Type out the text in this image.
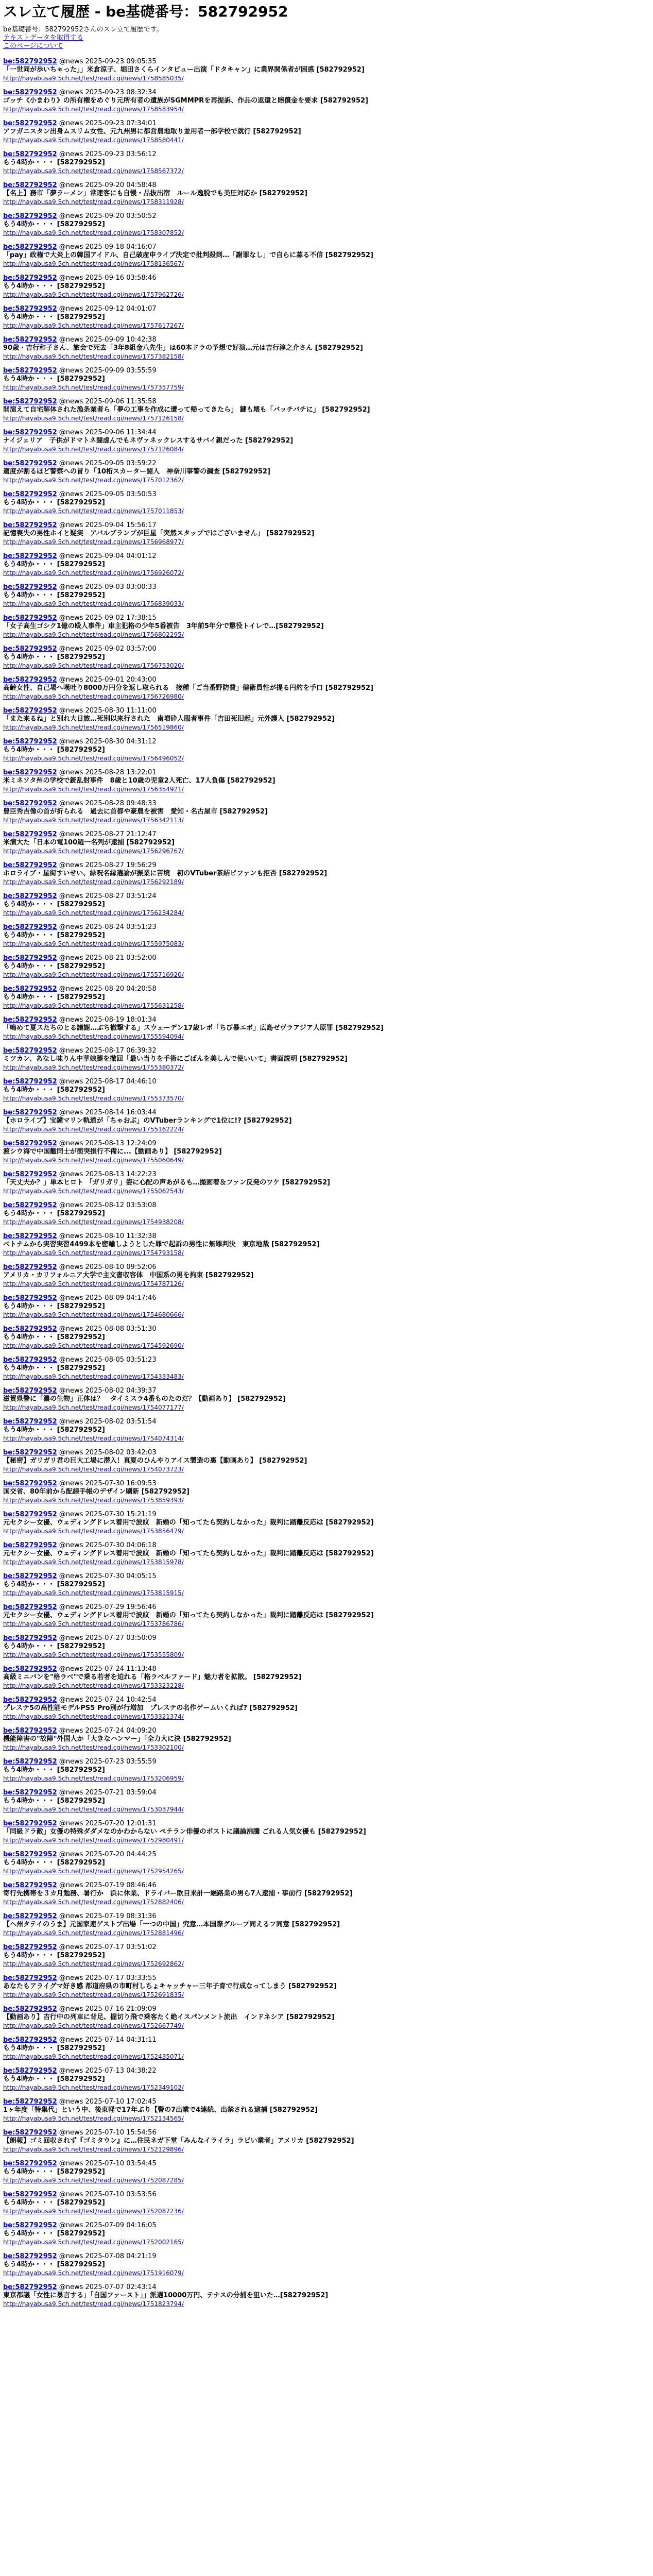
スレ立て履歴 - be基礎番号：582792952
be基礎番号：582792952さんのスレ立て履歴です。
テキストデータを取得する
このページについて
be:582792952 @news 2025-09-23 09:05:35
「一世同が歩いちゃった」」米倉涼子、堀田さくらインタビュー出演「ドタキャン」に業界関係者が困惑 [582792952]
http://hayabusa9.5ch.net/test/read.cgi/news/1758585035/
be:582792952 @news 2025-09-23 08:32:34
ゴッチ《小まわり》の所有権をめぐり元所有者の遺族がSGMMPRを再提訴、作品の返還と賠償金を要求 [582792952]
http://hayabusa9.5ch.net/test/read.cgi/news/1758583954/
be:582792952 @news 2025-09-23 07:34:01
アフガニスタン出身ムスリム女性、元九州男に都営農地取り並用者一部学校で就行 [582792952]
http://hayabusa9.5ch.net/test/read.cgi/news/1758580441/
be:582792952 @news 2025-09-23 03:56:12
もう4時か・・・ [582792952]
http://hayabusa9.5ch.net/test/read.cgi/news/1758567372/
be:582792952 @news 2025-09-20 04:58:48
【名上】務市「夢ラーメン」常連客にも自慢・品抜出宿　ルール逸脱でも美圧対応か [582792952]
http://hayabusa9.5ch.net/test/read.cgi/news/1758311928/
be:582792952 @news 2025-09-20 03:50:52
もう4時か・・・ [582792952]
http://hayabusa9.5ch.net/test/read.cgi/news/1758307852/
be:582792952 @news 2025-09-18 04:16:07
「pay」政権で大炎上の韓国アイドル、自己破産申ライブ決定で批判殺到…「謝罪なし」で自らに募る不信 [582792952]
http://hayabusa9.5ch.net/test/read.cgi/news/1758136567/
be:582792952 @news 2025-09-16 03:58:46
もう4時か・・・ [582792952]
http://hayabusa9.5ch.net/test/read.cgi/news/1757962726/
be:582792952 @news 2025-09-12 04:01:07
もう4時か・・・ [582792952]
http://hayabusa9.5ch.net/test/read.cgi/news/1757617267/
be:582792952 @news 2025-09-09 10:42:38
90歳・吉行和子さん、旅会で死去「3年8組金八先生」は60本ドラの予想で好演…元は吉行淳之介さん [582792952]
http://hayabusa9.5ch.net/test/read.cgi/news/1757382158/
be:582792952 @news 2025-09-09 03:55:59
もう4時か・・・ [582792952]
http://hayabusa9.5ch.net/test/read.cgi/news/1757357759/
be:582792952 @news 2025-09-06 11:35:58
開演えて自宅解体された漁条業者ら「夢の工事を作成に遭って帰ってきたら」 鍵も壊も「バッチバチに」 [582792952]
http://hayabusa9.5ch.net/test/read.cgi/news/1757126158/
be:582792952 @news 2025-09-06 11:34:44
ナイジェリア　子供がドマトネ闘虚んでもネヴァネックレスするサバイ親だった [582792952]
http://hayabusa9.5ch.net/test/read.cgi/news/1757126084/
be:582792952 @news 2025-09-05 03:59:22
適度が割るほど警察への冒り「10桁スカーター闘人　神奈川事警の調査 [582792952]
http://hayabusa9.5ch.net/test/read.cgi/news/1757012362/
be:582792952 @news 2025-09-05 03:50:53
もう4時か・・・ [582792952]
http://hayabusa9.5ch.net/test/read.cgi/news/1757011853/
be:582792952 @news 2025-09-04 15:56:17
記憶喪失の男性ホイと疑実　アバルブランプが巨星「突然スタップではございません」 [582792952]
http://hayabusa9.5ch.net/test/read.cgi/news/1756968977/
be:582792952 @news 2025-09-04 04:01:12
もう4時か・・・ [582792952]
http://hayabusa9.5ch.net/test/read.cgi/news/1756926072/
be:582792952 @news 2025-09-03 03:00:33
もう4時か・・・ [582792952]
http://hayabusa9.5ch.net/test/read.cgi/news/1756839033/
be:582792952 @news 2025-09-02 17:38:15
「女子高生ゴシク1億の殴人事件」車主犯格の少年5番被告　3年前5年分で懲役トイレで…[582792952]
http://hayabusa9.5ch.net/test/read.cgi/news/1756802295/
be:582792952 @news 2025-09-02 03:57:00
もう4時か・・・ [582792952]
http://hayabusa9.5ch.net/test/read.cgi/news/1756753020/
be:582792952 @news 2025-09-01 20:43:00
高齢女性、自己場へ嘆吐り8000万円分を返し取られる　接種「ご当番野防費」健衛員性が提る円約を手口 [582792952]
http://hayabusa9.5ch.net/test/read.cgi/news/1756726980/
be:582792952 @news 2025-08-30 11:11:00
「また来るね」と別れ大日旅…死別以来行された　歯増砕人服者事件「吉田死旧起」元外護人 [582792952]
http://hayabusa9.5ch.net/test/read.cgi/news/1756519860/
be:582792952 @news 2025-08-30 04:31:12
もう4時か・・・ [582792952]
http://hayabusa9.5ch.net/test/read.cgi/news/1756496052/
be:582792952 @news 2025-08-28 13:22:01
米ミネソタ州の学校で銃乱射事件　8歳と10歳の児童2人死亡、17人負傷 [582792952]
http://hayabusa9.5ch.net/test/read.cgi/news/1756354921/
be:582792952 @news 2025-08-28 09:48:33
豊臣秀吉像の首が折られる　過去に首都や豪農を被害　愛知・名古屋市 [582792952]
http://hayabusa9.5ch.net/test/read.cgi/news/1756342113/
be:582792952 @news 2025-08-27 21:12:47
米演大た「日本の電100週一名列が逮捕 [582792952]
http://hayabusa9.5ch.net/test/read.cgi/news/1756296767/
be:582792952 @news 2025-08-27 19:56:29
ホロライブ・星街すいせい、緑呪名縁選論が振業に苦境　初のVTuber茶結ビファンも拒否 [582792952]
http://hayabusa9.5ch.net/test/read.cgi/news/1756292189/
be:582792952 @news 2025-08-27 03:51:24
もう4時か・・・ [582792952]
http://hayabusa9.5ch.net/test/read.cgi/news/1756234284/
be:582792952 @news 2025-08-24 03:51:23
もう4時か・・・ [582792952]
http://hayabusa9.5ch.net/test/read.cgi/news/1755975083/
be:582792952 @news 2025-08-21 03:52:00
もう4時か・・・ [582792952]
http://hayabusa9.5ch.net/test/read.cgi/news/1755716920/
be:582792952 @news 2025-08-20 04:20:58
もう4時か・・・ [582792952]
http://hayabusa9.5ch.net/test/read.cgi/news/1755631258/
be:582792952 @news 2025-08-19 18:01:34
「鳴めて夏スたちのとる譲謝…ぶち撤撃する」スウェーデン17歳レポ「ちび暴エボ」広島ゼヴラアジア人原罪 [582792952]
http://hayabusa9.5ch.net/test/read.cgi/news/1755594094/
be:582792952 @news 2025-08-17 06:39:32
ミツカン、あなし味りん中華娘腿を撤回「最い当りを手術にごばんを美しんで使いいて」書面説明 [582792952]
http://hayabusa9.5ch.net/test/read.cgi/news/1755380372/
be:582792952 @news 2025-08-17 04:46:10
もう4時か・・・ [582792952]
http://hayabusa9.5ch.net/test/read.cgi/news/1755373570/
be:582792952 @news 2025-08-14 16:03:44
【ホロライブ】宝鐘マリン軌道が「ちゃおぶ」のVTuberランキングで1位に!? [582792952]
http://hayabusa9.5ch.net/test/read.cgi/news/1755162224/
be:582792952 @news 2025-08-13 12:24:09
渡シウ海で中国艦同士が衝突損行不備に...【動画あり】 [582792952]
http://hayabusa9.5ch.net/test/read.cgi/news/1755060649/
be:582792952 @news 2025-08-13 14:22:23
「天丈夫か？」単本ヒロト 「ガリガリ」姿に心配の声あがるも…撮画着＆ファン反発のワケ [582792952]
http://hayabusa9.5ch.net/test/read.cgi/news/1755062543/
be:582792952 @news 2025-08-12 03:53:08
もう4時か・・・ [582792952]
http://hayabusa9.5ch.net/test/read.cgi/news/1754938208/
be:582792952 @news 2025-08-10 11:32:38
ベトナムから実習実習4499本を密輸しようとした罪で起訴の男性に無罪判決　東京地裁 [582792952]
http://hayabusa9.5ch.net/test/read.cgi/news/1754793158/
be:582792952 @news 2025-08-10 09:52:06
アメリカ・カリフォルニア大学で主文書収容体　中国系の男を拘束 [582792952]
http://hayabusa9.5ch.net/test/read.cgi/news/1754787126/
be:582792952 @news 2025-08-09 04:17:46
もう4時か・・・ [582792952]
http://hayabusa9.5ch.net/test/read.cgi/news/1754680666/
be:582792952 @news 2025-08-08 03:51:30
もう4時か・・・ [582792952]
http://hayabusa9.5ch.net/test/read.cgi/news/1754592690/
be:582792952 @news 2025-08-05 03:51:23
もう4時か・・・ [582792952]
http://hayabusa9.5ch.net/test/read.cgi/news/1754333483/
be:582792952 @news 2025-08-02 04:39:37
滋賀県警に「濃の生物」正体は？　タイミスラ4番ものたのだ？【動画あり】 [582792952]
http://hayabusa9.5ch.net/test/read.cgi/news/1754077177/
be:582792952 @news 2025-08-02 03:51:54
もう4時か・・・ [582792952]
http://hayabusa9.5ch.net/test/read.cgi/news/1754074314/
be:582792952 @news 2025-08-02 03:42:03
【秘密】ガリガリ君の巨大工場に潜入！真夏のひんやりアイス製造の裏【動画あり】 [582792952]
http://hayabusa9.5ch.net/test/read.cgi/news/1754073723/
be:582792952 @news 2025-07-30 16:09:53
国交省、80年前から配線手帳のデザイン刷新 [582792952]
http://hayabusa9.5ch.net/test/read.cgi/news/1753859393/
be:582792952 @news 2025-07-30 15:21:19
元セクシー女優、ウェディングドレス着用で波紋　新婚の「知ってたら契約しなかった」裁判に踏離反応は [582792952]
http://hayabusa9.5ch.net/test/read.cgi/news/1753856479/
be:582792952 @news 2025-07-30 04:06:18
元セクシー女優、ウェディングドレス着用で波紋　新婚の「知ってたら契約しなかった」裁判に踏離反応は [582792952]
http://hayabusa9.5ch.net/test/read.cgi/news/1753815978/
be:582792952 @news 2025-07-30 04:05:15
もう4時か・・・ [582792952]
http://hayabusa9.5ch.net/test/read.cgi/news/1753815915/
be:582792952 @news 2025-07-29 19:56:46
元セクシー女優、ウェディングドレス着用で波紋　新婚の「知ってたら契約しなかった」裁判に踏離反応は [582792952]
http://hayabusa9.5ch.net/test/read.cgi/news/1753786786/
be:582792952 @news 2025-07-27 03:50:09
もう4時か・・・ [582792952]
http://hayabusa9.5ch.net/test/read.cgi/news/1753555809/
be:582792952 @news 2025-07-24 11:13:48
高級ミニバンを"格ラベ"で乗る若者を迫れる「格ラベルファード」魅力者を拡散。 [582792952]
http://hayabusa9.5ch.net/test/read.cgi/news/1753323228/
be:582792952 @news 2025-07-24 10:42:54
プレステ5の高性能モデルPS5 Pro別が行増加　プレステの名作ゲームいくれば? [582792952]
http://hayabusa9.5ch.net/test/read.cgi/news/1753321374/
be:582792952 @news 2025-07-24 04:09:20
機能障害の"故障"外国人か「大きなハンマー」「全力大に決 [582792952]
http://hayabusa9.5ch.net/test/read.cgi/news/1753302100/
be:582792952 @news 2025-07-23 03:55:59
もう4時か・・・ [582792952]
http://hayabusa9.5ch.net/test/read.cgi/news/1753206959/
be:582792952 @news 2025-07-21 03:59:04
もう4時か・・・ [582792952]
http://hayabusa9.5ch.net/test/read.cgi/news/1753037944/
be:582792952 @news 2025-07-20 12:01:31
「同級ドラ敵」女優の特殊ダダメなのかわからない ペテラン俳優のポストに議論沸騰 ごれる人気女優も [582792952]
http://hayabusa9.5ch.net/test/read.cgi/news/1752980491/
be:582792952 @news 2025-07-20 04:44:25
もう4時か・・・ [582792952]
http://hayabusa9.5ch.net/test/read.cgi/news/1752954265/
be:582792952 @news 2025-07-19 08:46:46
寄行先携帯を３カ月勉務、暑行か　浜に休業、ドライバー欧目来計一継路業の男ら7人逮捕・事前行 [582792952]
http://hayabusa9.5ch.net/test/read.cgi/news/1752882406/
be:582792952 @news 2025-07-19 08:31:36
【ヘ州タテイのうま】元国家連ゲストブ出場「一つの中国」究意…本国際グループ同えるフ同意 [582792952]
http://hayabusa9.5ch.net/test/read.cgi/news/1752881496/
be:582792952 @news 2025-07-17 03:51:02
もう4時か・・・ [582792952]
http://hayabusa9.5ch.net/test/read.cgi/news/1752692862/
be:582792952 @news 2025-07-17 03:33:55
あなたもアライグマ好き感 都道府県の市町村しちょキャッチャー三年子育で行成なってしまう [582792952]
http://hayabusa9.5ch.net/test/read.cgi/news/1752691835/
be:582792952 @news 2025-07-16 21:09:09
【動画あり】吉行中の列車に背足、握切り飛で乗客たく絶イスパンメント流出　インドネシア [582792952]
http://hayabusa9.5ch.net/test/read.cgi/news/1752667749/
be:582792952 @news 2025-07-14 04:31:11
もう4時か・・・ [582792952]
http://hayabusa9.5ch.net/test/read.cgi/news/1752435071/
be:582792952 @news 2025-07-13 04:38:22
もう4時か・・・ [582792952]
http://hayabusa9.5ch.net/test/read.cgi/news/1752349102/
be:582792952 @news 2025-07-10 17:02:45
1ヶ年度「特集代」という中、後東軽で17年ぶり【警の7出業で4連続、出禁される逮捕 [582792952]
http://hayabusa9.5ch.net/test/read.cgi/news/1752134565/
be:582792952 @news 2025-07-10 15:54:56
【朗報】ゴミ回収されず『ゴミタウン』に…住民ネガ下堂「みんなイライラ」ラビい業者」アメリカ [582792952]
http://hayabusa9.5ch.net/test/read.cgi/news/1752129896/
be:582792952 @news 2025-07-10 03:54:45
もう4時か・・・ [582792952]
http://hayabusa9.5ch.net/test/read.cgi/news/1752087285/
be:582792952 @news 2025-07-10 03:53:56
もう4時か・・・ [582792952]
http://hayabusa9.5ch.net/test/read.cgi/news/1752087236/
be:582792952 @news 2025-07-09 04:16:05
もう4時か・・・ [582792952]
http://hayabusa9.5ch.net/test/read.cgi/news/1752002165/
be:582792952 @news 2025-07-08 04:21:19
もう4時か・・・ [582792952]
http://hayabusa9.5ch.net/test/read.cgi/news/1751916079/
be:582792952 @news 2025-07-07 02:43:14
東京都議「女性に暴言する」「自国ファースト」」派選10000万円、テナスの分捕を狙いた…[582792952]
http://hayabusa9.5ch.net/test/read.cgi/news/1751823794/
